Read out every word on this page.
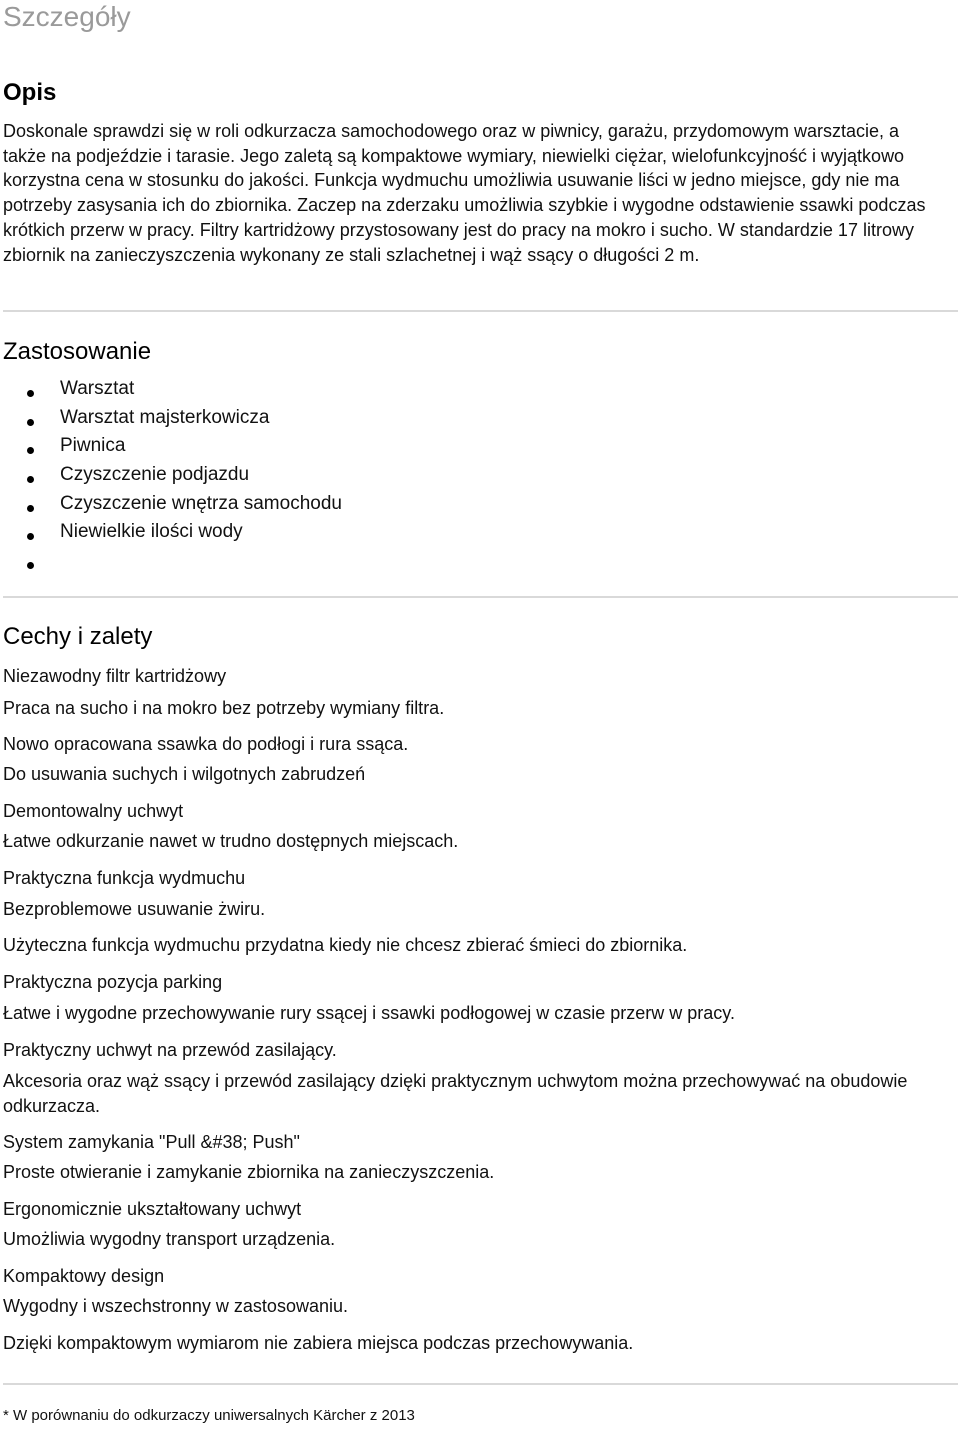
Szczegóły
Opis

Doskonale sprawdzi się w roli odkurzacza samochodowego oraz w piwnicy, garażu, przydomowym warsztacie, a także na podjeździe i tarasie. Jego zaletą są kompaktowe wymiary, niewielki ciężar, wielofunkcyjność i wyjątkowo korzystna cena w stosunku do jakości. Funkcja wydmuchu umożliwia usuwanie liści w jedno miejsce, gdy nie ma potrzeby zasysania ich do zbiornika. Zaczep na zderzaku umożliwia szybkie i wygodne odstawienie ssawki podczas krótkich przerw w pracy. Filtry kartridżowy przystosowany jest do pracy na mokro i sucho. W standardzie 17 litrowy zbiornik na zanieczyszczenia wykonany ze stali szlachetnej i wąż ssący o długości 2 m.

Zastosowanie
Warsztat
Warsztat majsterkowicza
Piwnica
Czyszczenie podjazdu
Czyszczenie wnętrza samochodu
Niewielkie ilości wody
Cechy i zalety

Niezawodny filtr kartridżowy

Praca na sucho i na mokro bez potrzeby wymiany filtra.

Nowo opracowana ssawka do podłogi i rura ssąca.

Do usuwania suchych i wilgotnych zabrudzeń

Demontowalny uchwyt

Łatwe odkurzanie nawet w trudno dostępnych miejscach.

Praktyczna funkcja wydmuchu

Bezproblemowe usuwanie żwiru.

Użyteczna funkcja wydmuchu przydatna kiedy nie chcesz zbierać śmieci do zbiornika.

Praktyczna pozycja parking

Łatwe i wygodne przechowywanie rury ssącej i ssawki podłogowej w czasie przerw w pracy.

Praktyczny uchwyt na przewód zasilający.

Akcesoria oraz wąż ssący i przewód zasilający dzięki praktycznym uchwytom można przechowywać na obudowie odkurzacza.

System zamykania "Pull &#38; Push"

Proste otwieranie i zamykanie zbiornika na zanieczyszczenia.

Ergonomicznie ukształtowany uchwyt

Umożliwia wygodny transport urządzenia.

Kompaktowy design

Wygodny i wszechstronny w zastosowaniu.

Dzięki kompaktowym wymiarom nie zabiera miejsca podczas przechowywania.

* W porównaniu do odkurzaczy uniwersalnych Kärcher z 2013
